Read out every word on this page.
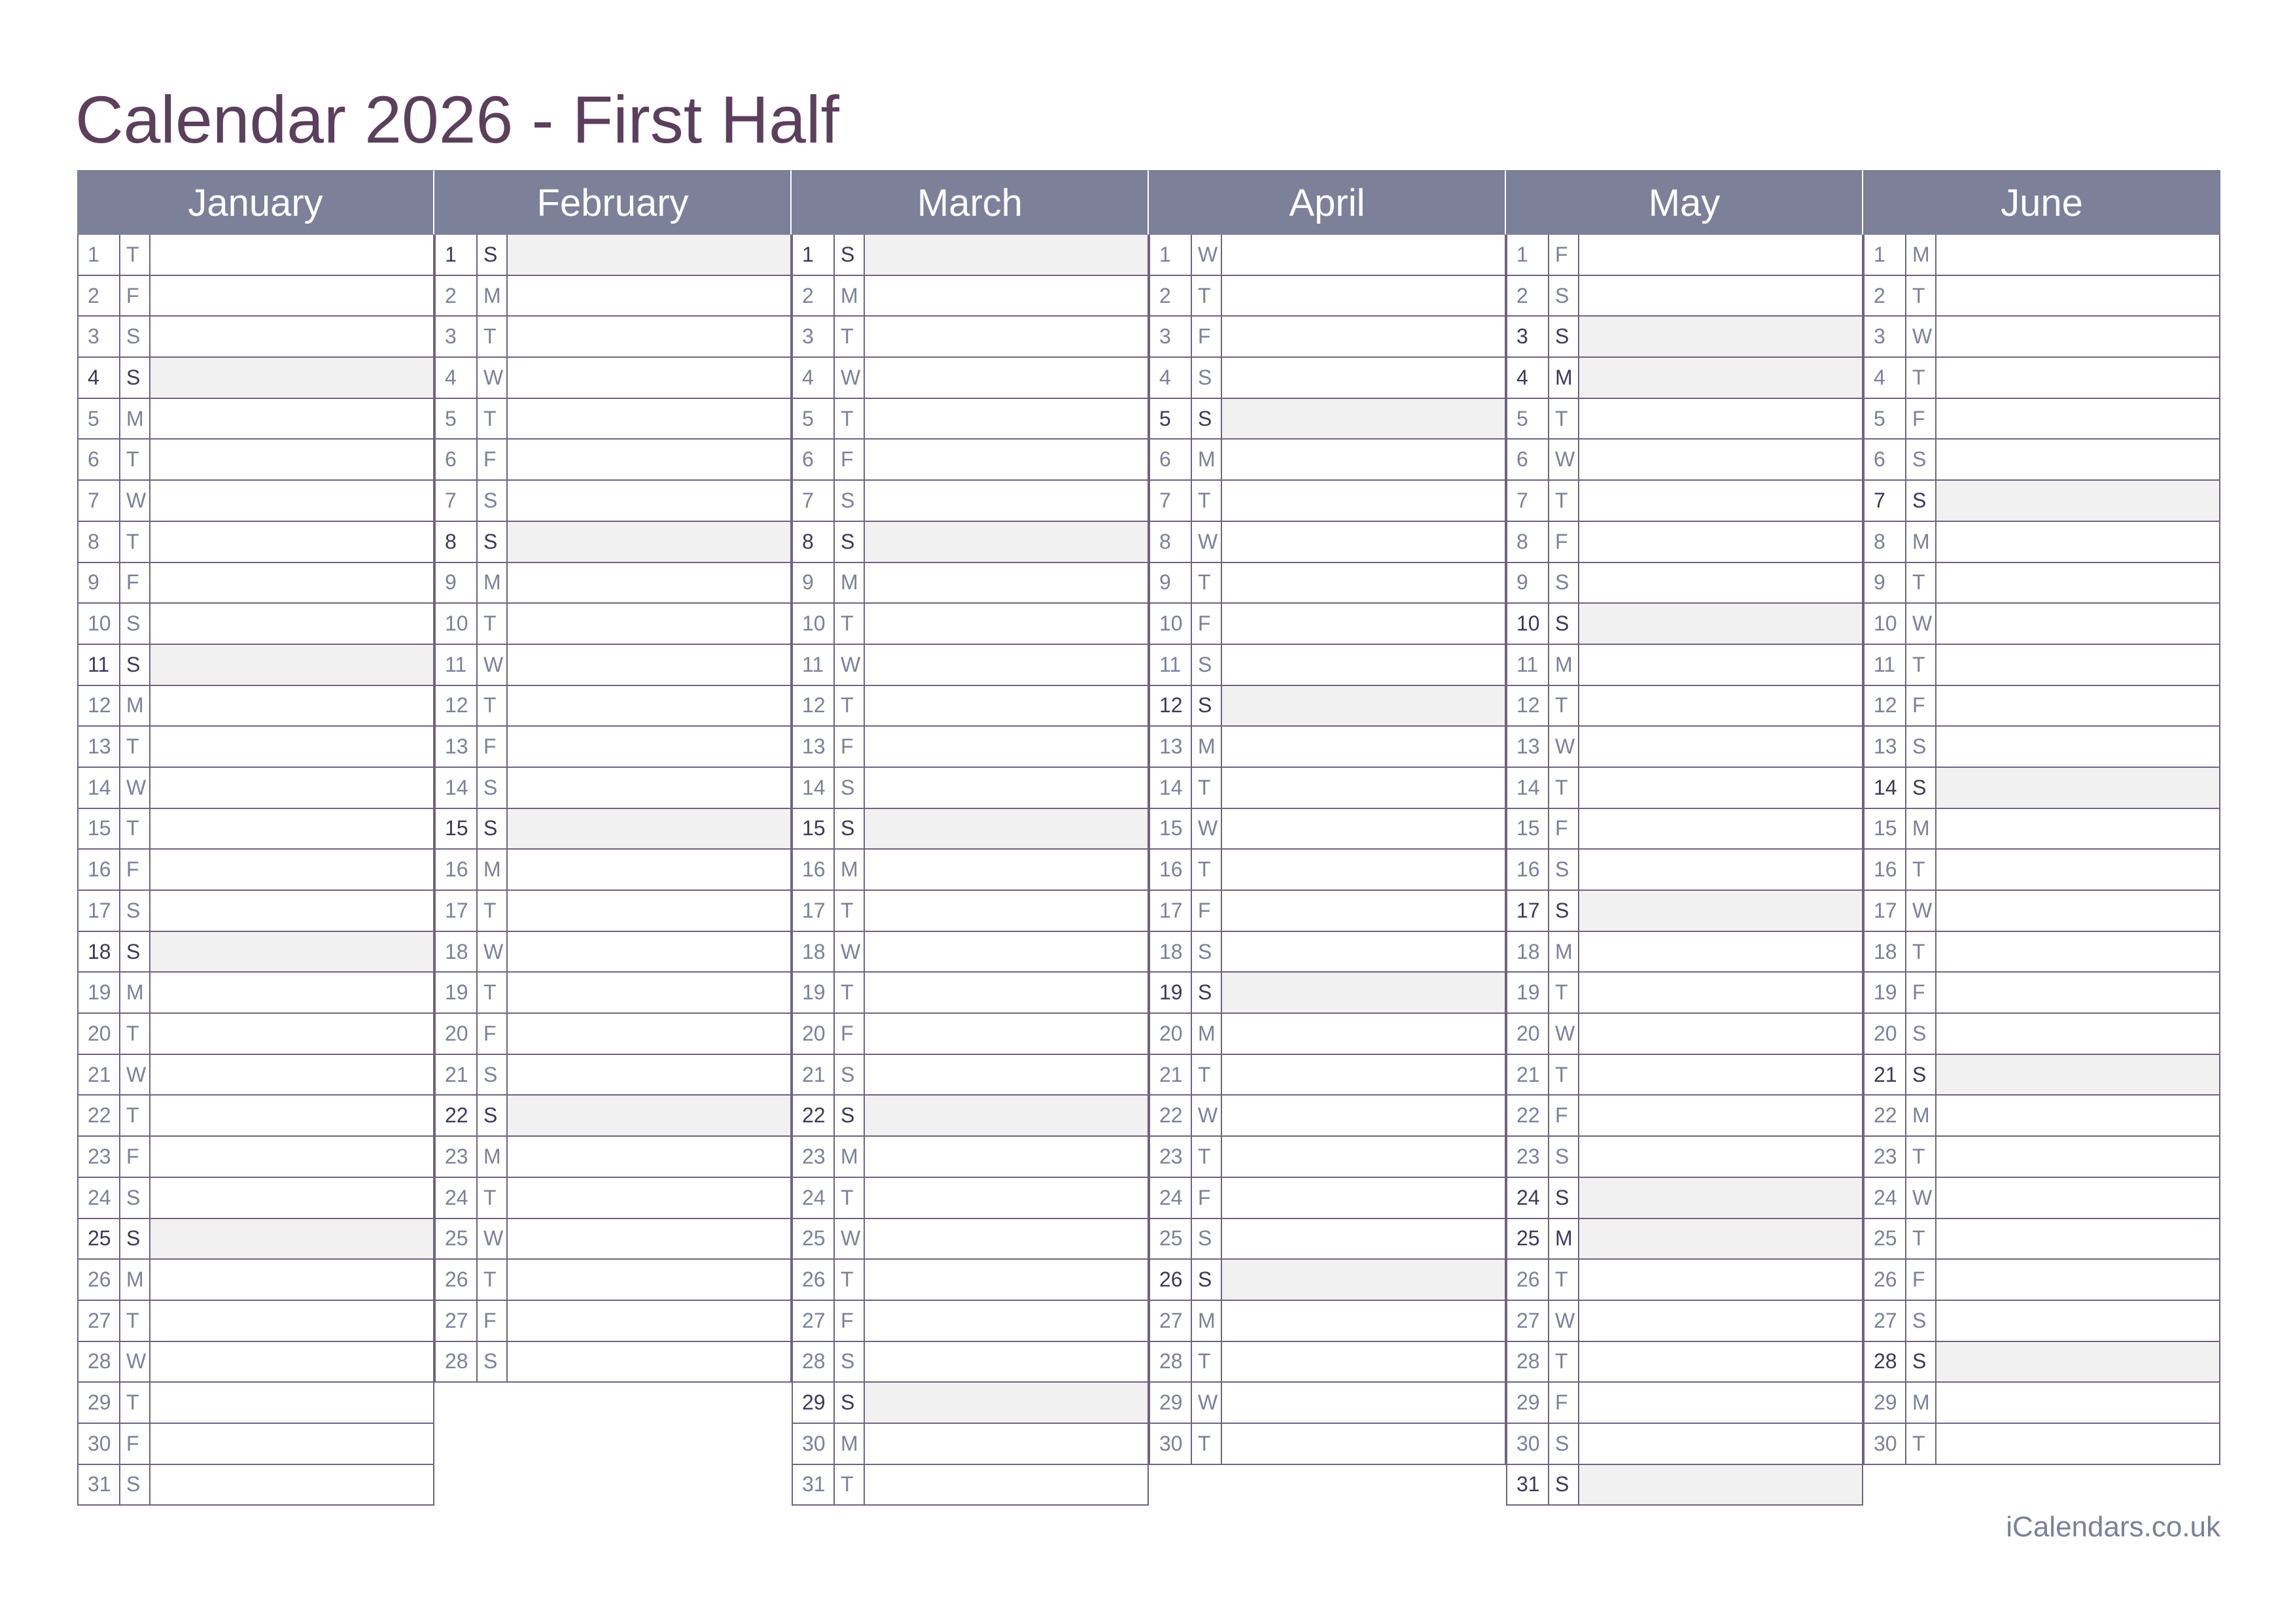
Calendar 2026 - First Half
January
1	T
2	F
3	S
4	S
5	M
6	T
7	W
8	T
9	F
10 S
11 S
12 M
13 T
14 W
15 T
16 F
17 S
18 S
19 M
20 T
21 W
22 T
23 F
24 S
25 S
26 M
27 T
28 W
29 T
30 F
31 S
February
1	S
2	M
3	T
4	W
5	T
6	F
7	S
8	S
9	M
10 T
11 W
12 T
13 F
14 S
15 S
16 M
17 T
18 W
19 T
20 F
21 S
22 S
23 M
24 T
25 W
26 T
27 F
28 S
March
1	S
2	M
3	T
4	W
5	T
6	F
7	S
8	S
9	M
10 T
11 W
12 T
13 F
14 S
15 S
16 M
17 T
18 W
19 T
20 F
21 S
22 S
23 M
24 T
25 W
26 T
27 F
28 S
29 S
30 M
31 T
April
1	W
2	T
3	F
4	S
5	S
6	M
7	T
8	W
9	T
10 F
11 S
12 S
13 M
14 T
15 W
16 T
17 F
18 S
19 S
20 M
21 T
22 W
23 T
24 F
25 S
26 S
27 M
28 T
29 W
30 T
May
1	F
2	S
3	S
4	M
5	T
6	W
7	T
8	F
9	S
10 S
11 M
12 T
13 W
14 T
15 F
16 S
17 S
18 M
19 T
20 W
21 T
22 F
23 S
24 S
25 M
26 T
27 W
28 T
29 F
30 S
31 S
June
1	M
2	T
3	W
4	T
5	F
6	S
7	S
8	M
9	T
10 W
11 T
12 F
13 S
14 S
15 M
16 T
17 W
18 T
19 F
20 S
21 S
22 M
23 T
24 W
25 T
26 F
27 S
28 S
29 M
30 T
iCalendars.co.uk
